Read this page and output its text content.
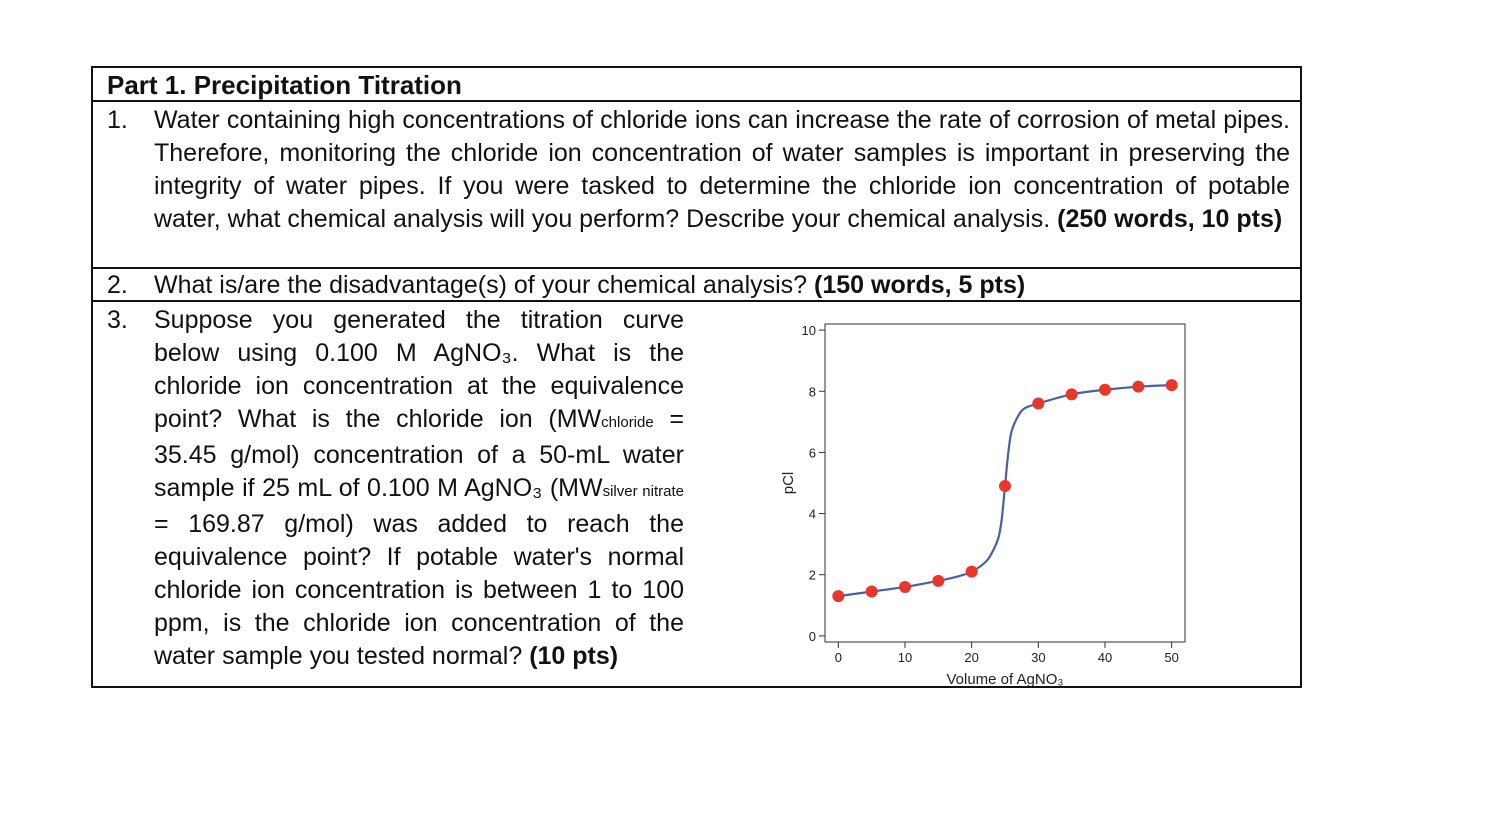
Part 1. Precipitation Titration
1. Water containing high concentrations of chloride ions can increase the rate of corrosion of metal pipes. Therefore, monitoring the chloride ion concentration of water samples is important in preserving the integrity of water pipes. If you were tasked to determine the chloride ion concentration of potable water, what chemical analysis will you perform? Describe your chemical analysis. (250 words, 10 pts)
2. What is/are the disadvantage(s) of your chemical analysis? (150 words, 5 pts)
3. Suppose you generated the titration curve below using 0.100 M AgNO₃. What is the chloride ion concentration at the equivalence point? What is the chloride ion (MWchloride = 35.45 g/mol) concentration of a 50-mL water sample if 25 mL of 0.100 M AgNO₃ (MWsilver nitrate = 169.87 g/mol) was added to reach the equivalence point? If potable water's normal chloride ion concentration is between 1 to 100 ppm, is the chloride ion concentration of the water sample you tested normal? (10 pts)
0
2
4
6
8
10
0	10	20	30	40	50
Volume of AgNO₃
pCl
